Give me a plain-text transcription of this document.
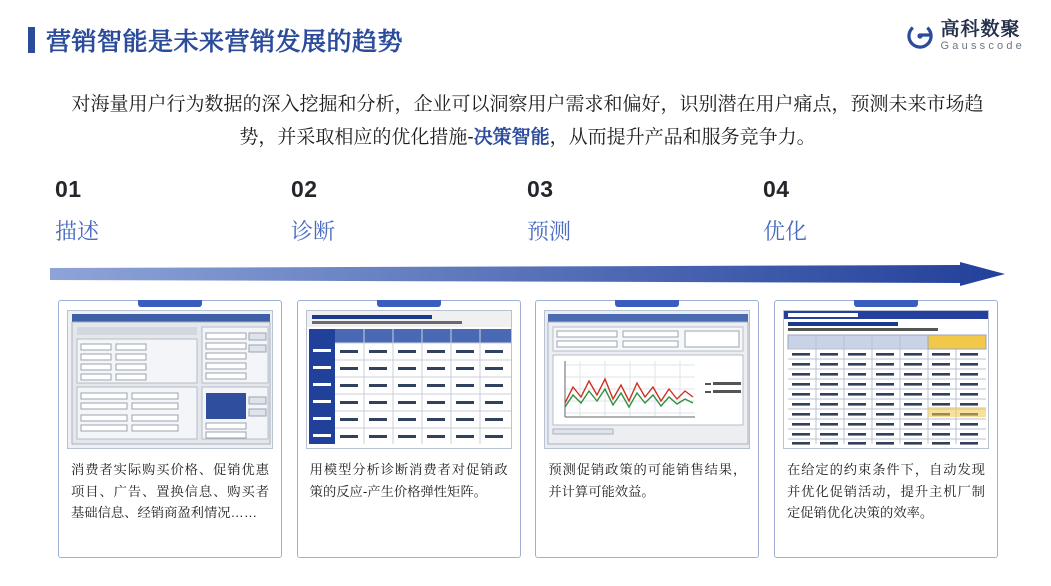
营销智能是未来营销发展的趋势	高科数聚
Gausscode
对海量用户行为数据的深入挖掘和分析，企业可以洞察用户需求和偏好，识别潜在用户痛点，预测未来市场趋势，并采取相应的优化措施-决策智能，从而提升产品和服务竞争力。
01
描述
02
诊断
03
预测
04
优化
消费者实际购买价格、促销优惠项目、广告、置换信息、购买者基础信息、经销商盈利情况……
用模型分析诊断消费者对促销政策的反应-产生价格弹性矩阵。
预测促销政策的可能销售结果，并计算可能效益。
在给定的约束条件下，自动发现并优化促销活动，提升主机厂制定促销优化决策的效率。
